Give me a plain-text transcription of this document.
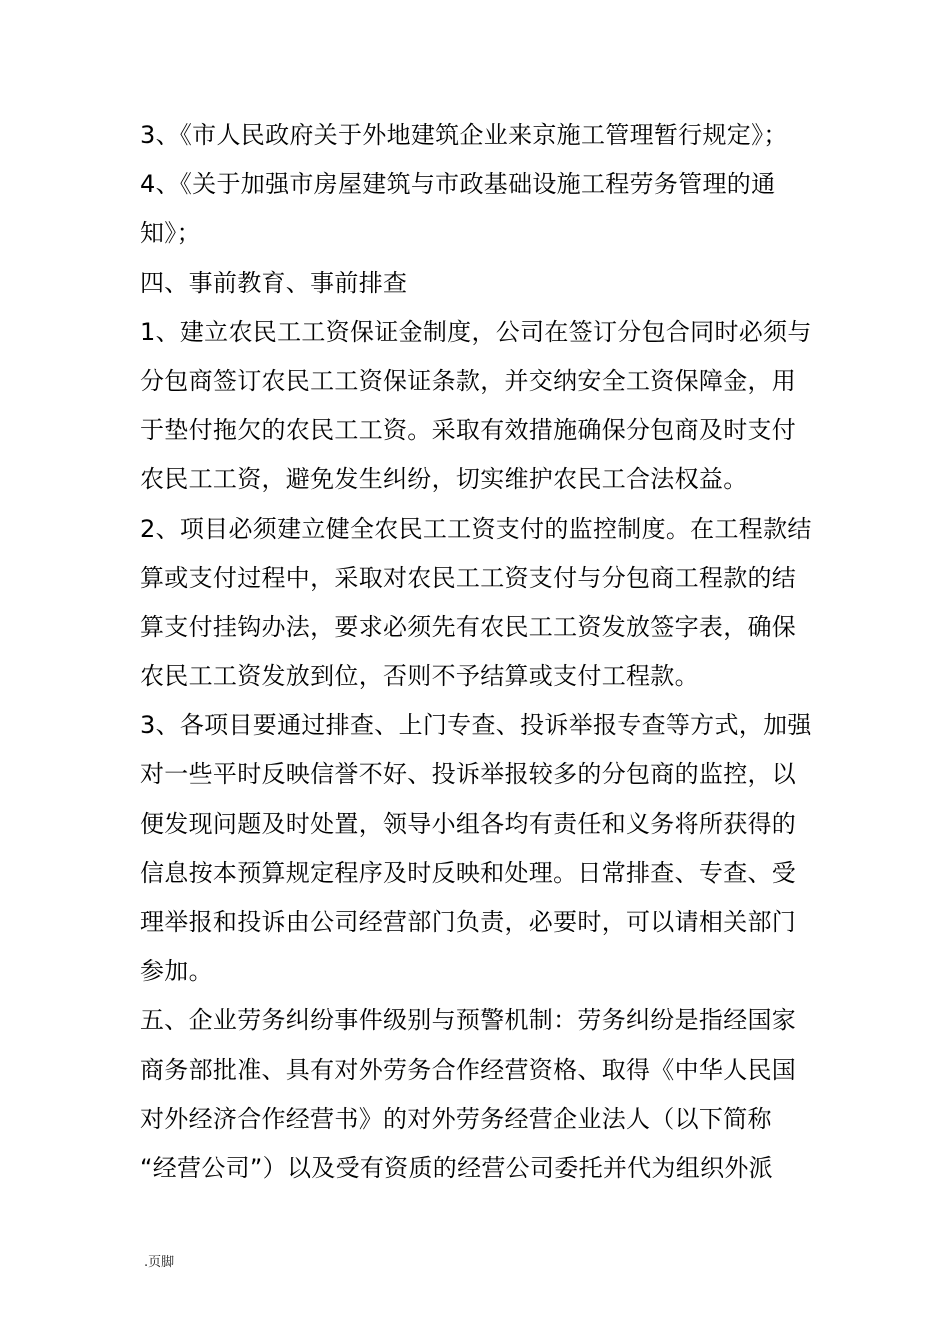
3、《市人民政府关于外地建筑企业来京施工管理暂行规定》；
4、《关于加强市房屋建筑与市政基础设施工程劳务管理的通
知》；
四、事前教育、事前排查
1、建立农民工工资保证金制度，公司在签订分包合同时必须与
分包商签订农民工工资保证条款，并交纳安全工资保障金，用
于垫付拖欠的农民工工资。采取有效措施确保分包商及时支付
农民工工资，避免发生纠纷，切实维护农民工合法权益。
2、项目必须建立健全农民工工资支付的监控制度。在工程款结
算或支付过程中，采取对农民工工资支付与分包商工程款的结
算支付挂钩办法，要求必须先有农民工工资发放签字表，确保
农民工工资发放到位，否则不予结算或支付工程款。
3、各项目要通过排查、上门专查、投诉举报专查等方式，加强
对一些平时反映信誉不好、投诉举报较多的分包商的监控，以
便发现问题及时处置，领导小组各均有责任和义务将所获得的
信息按本预算规定程序及时反映和处理。日常排查、专查、受
理举报和投诉由公司经营部门负责，必要时，可以请相关部门
参加。
五、企业劳务纠纷事件级别与预警机制：劳务纠纷是指经国家
商务部批准、具有对外劳务合作经营资格、取得《中华人民国
对外经济合作经营书》的对外劳务经营企业法人（以下简称
“经营公司”）以及受有资质的经营公司委托并代为组织外派
.页脚
